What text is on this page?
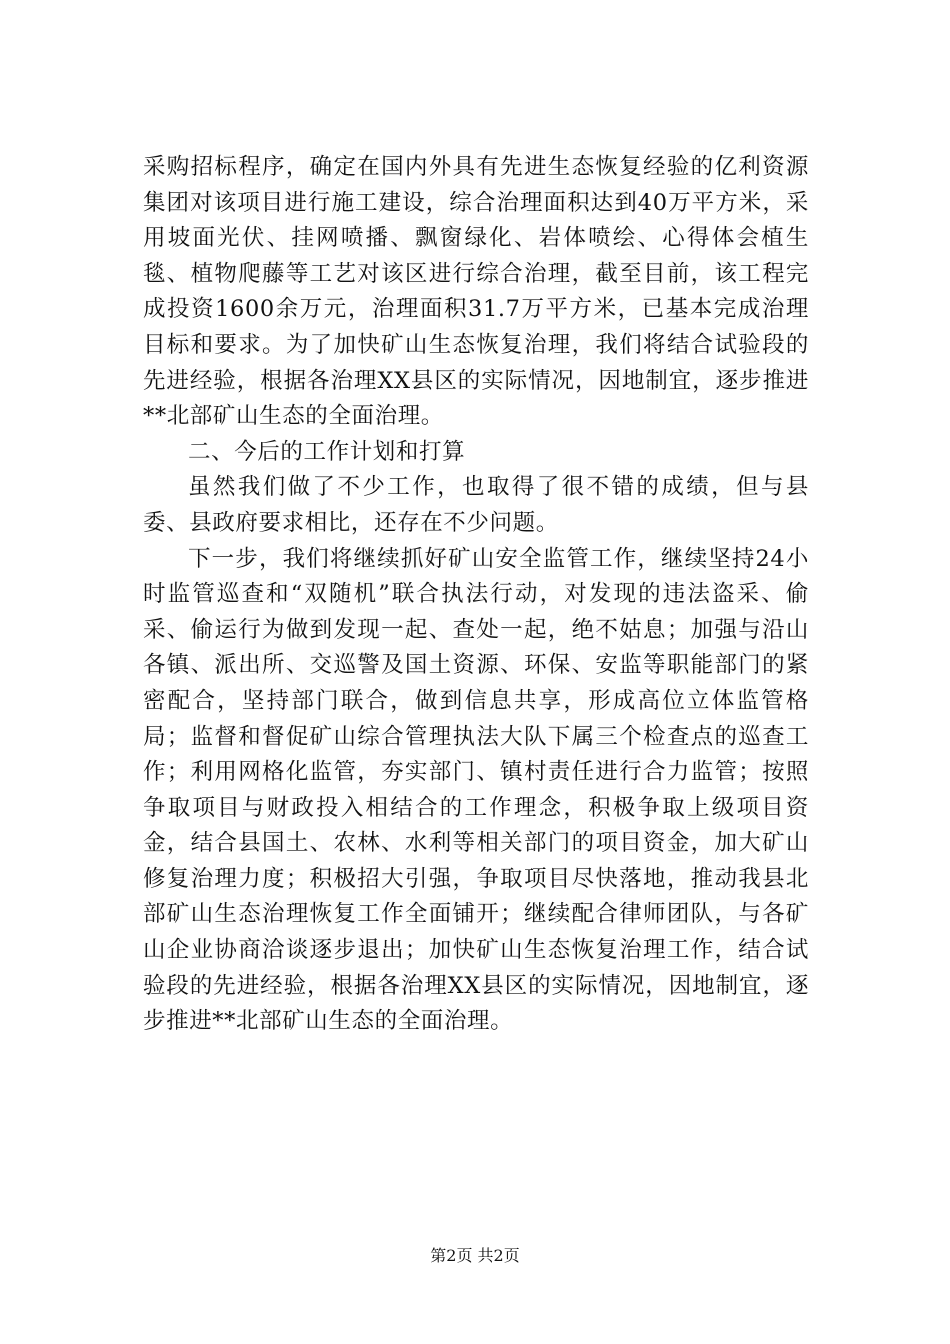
采购招标程序，确定在国内外具有先进生态恢复经验的亿利资源集团对该项目进行施工建设，综合治理面积达到40万平方米，采用坡面光伏、挂网喷播、飘窗绿化、岩体喷绘、心得体会植生毯、植物爬藤等工艺对该区进行综合治理，截至目前，该工程完成投资1600余万元，治理面积31.7万平方米，已基本完成治理目标和要求。为了加快矿山生态恢复治理，我们将结合试验段的先进经验，根据各治理XX县区的实际情况，因地制宜，逐步推进**北部矿山生态的全面治理。

二、今后的工作计划和打算

虽然我们做了不少工作，也取得了很不错的成绩，但与县委、县政府要求相比，还存在不少问题。

下一步，我们将继续抓好矿山安全监管工作，继续坚持24小时监管巡查和“双随机”联合执法行动，对发现的违法盗采、偷采、偷运行为做到发现一起、查处一起，绝不姑息；加强与沿山各镇、派出所、交巡警及国土资源、环保、安监等职能部门的紧密配合，坚持部门联合，做到信息共享，形成高位立体监管格局；监督和督促矿山综合管理执法大队下属三个检查点的巡查工作；利用网格化监管，夯实部门、镇村责任进行合力监管；按照争取项目与财政投入相结合的工作理念，积极争取上级项目资金，结合县国土、农林、水利等相关部门的项目资金，加大矿山修复治理力度；积极招大引强，争取项目尽快落地，推动我县北部矿山生态治理恢复工作全面铺开；继续配合律师团队，与各矿山企业协商洽谈逐步退出；加快矿山生态恢复治理工作，结合试验段的先进经验，根据各治理XX县区的实际情况，因地制宜，逐步推进**北部矿山生态的全面治理。

第2页 共2页
